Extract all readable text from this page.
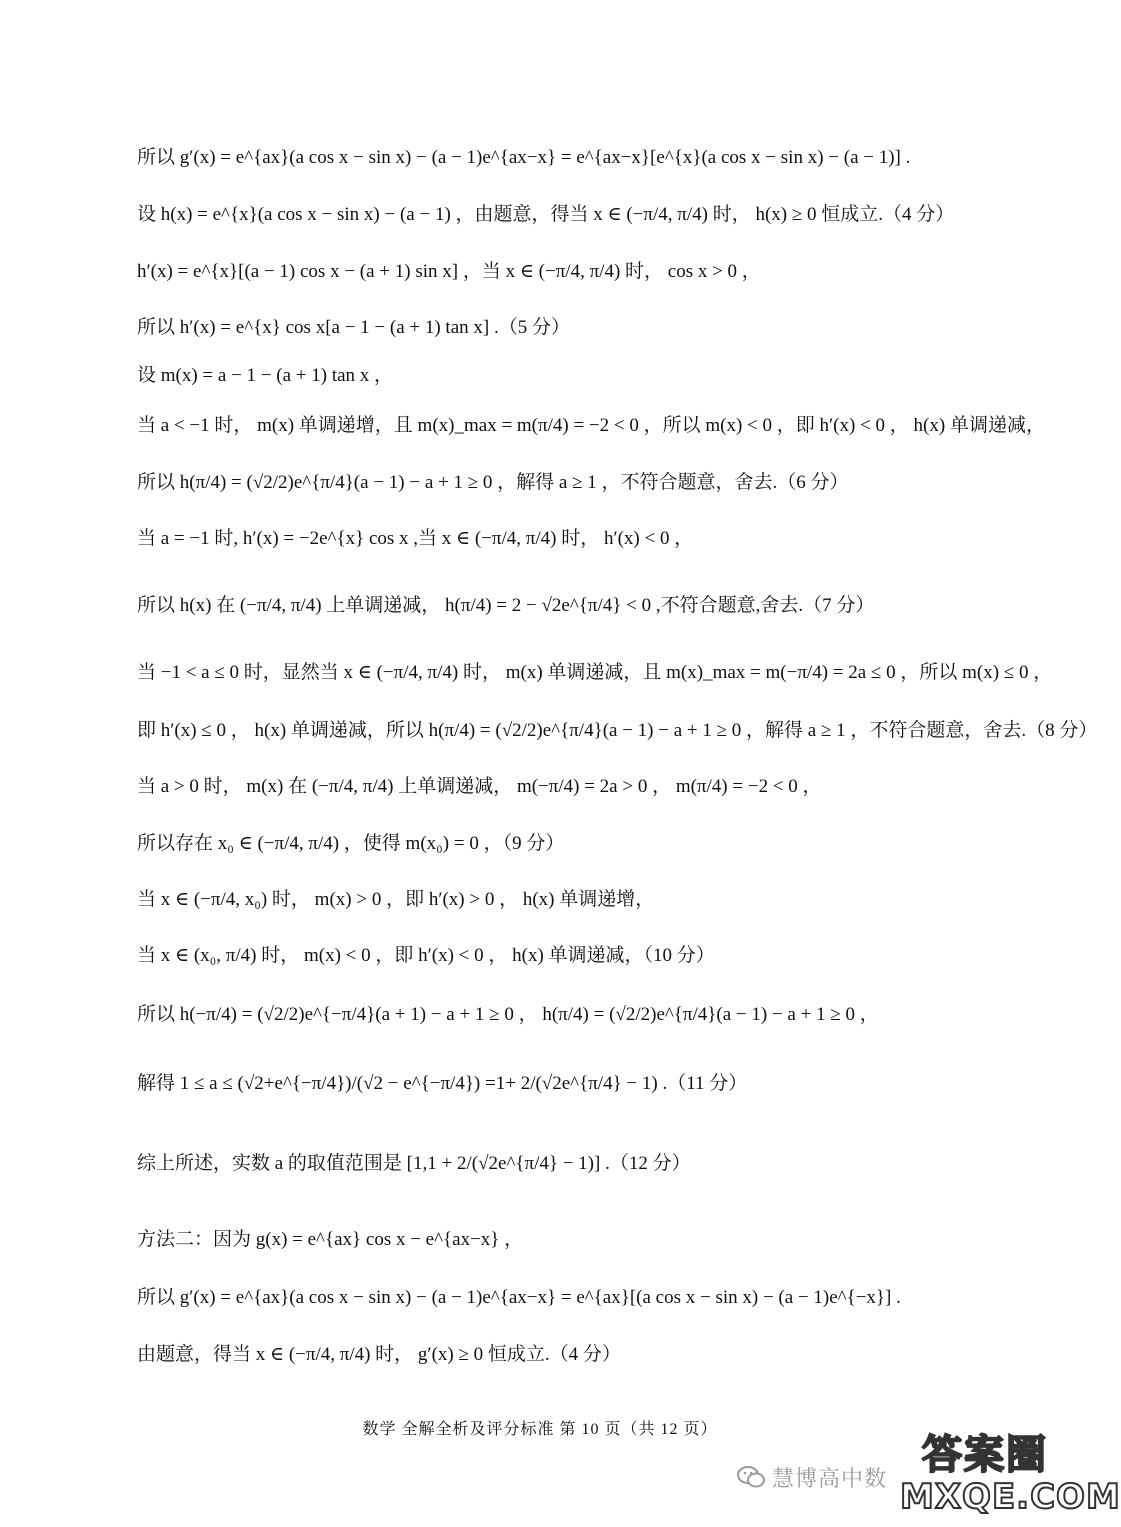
所以 g′(x) = e^{ax}(a cos x − sin x) − (a − 1)e^{ax−x} = e^{ax−x}[e^{x}(a cos x − sin x) − (a − 1)] .
设 h(x) = e^{x}(a cos x − sin x) − (a − 1) ，由题意，得当 x ∈ (−π/4, π/4) 时， h(x) ≥ 0 恒成立.（4 分）
h′(x) = e^{x}[(a − 1) cos x − (a + 1) sin x] ，当 x ∈ (−π/4, π/4) 时， cos x > 0 ，
所以 h′(x) = e^{x} cos x[a − 1 − (a + 1) tan x] .（5 分）
设 m(x) = a − 1 − (a + 1) tan x ，
当 a < −1 时， m(x) 单调递增，且 m(x)_max = m(π/4) = −2 < 0 ，所以 m(x) < 0 ，即 h′(x) < 0 ， h(x) 单调递减，
所以 h(π/4) = (√2/2)e^{π/4}(a − 1) − a + 1 ≥ 0 ，解得 a ≥ 1 ，不符合题意，舍去.（6 分）
当 a = −1 时, h′(x) = −2e^{x} cos x ,当 x ∈ (−π/4, π/4) 时， h′(x) < 0 ，
所以 h(x) 在 (−π/4, π/4) 上单调递减， h(π/4) = 2 − √2e^{π/4} < 0 ,不符合题意,舍去.（7 分）
当 −1 < a ≤ 0 时，显然当 x ∈ (−π/4, π/4) 时， m(x) 单调递减，且 m(x)_max = m(−π/4) = 2a ≤ 0 ，所以 m(x) ≤ 0 ，
即 h′(x) ≤ 0 ， h(x) 单调递减，所以 h(π/4) = (√2/2)e^{π/4}(a − 1) − a + 1 ≥ 0 ，解得 a ≥ 1 ，不符合题意，舍去.（8 分）
当 a > 0 时， m(x) 在 (−π/4, π/4) 上单调递减， m(−π/4) = 2a > 0 ， m(π/4) = −2 < 0 ，
所以存在 x₀ ∈ (−π/4, π/4) ，使得 m(x₀) = 0 ，（9 分）
当 x ∈ (−π/4, x₀) 时， m(x) > 0 ，即 h′(x) > 0 ， h(x) 单调递增，
当 x ∈ (x₀, π/4) 时， m(x) < 0 ，即 h′(x) < 0 ， h(x) 单调递减，（10 分）
所以 h(−π/4) = (√2/2)e^{−π/4}(a + 1) − a + 1 ≥ 0 ， h(π/4) = (√2/2)e^{π/4}(a − 1) − a + 1 ≥ 0 ，
解得 1 ≤ a ≤ (√2+e^{−π/4})/(√2 − e^{−π/4}) =1+ 2/(√2e^{π/4} − 1) .（11 分）
综上所述，实数 a 的取值范围是 [1,1 + 2/(√2e^{π/4} − 1)] .（12 分）
方法二：因为 g(x) = e^{ax} cos x − e^{ax−x} ，
所以 g′(x) = e^{ax}(a cos x − sin x) − (a − 1)e^{ax−x} = e^{ax}[(a cos x − sin x) − (a − 1)e^{−x}] .
由题意，得当 x ∈ (−π/4, π/4) 时， g′(x) ≥ 0 恒成立.（4 分）
数学 全解全析及评分标准 第 10 页（共 12 页）
慧博高中数
答案圈
MXQE.COM
